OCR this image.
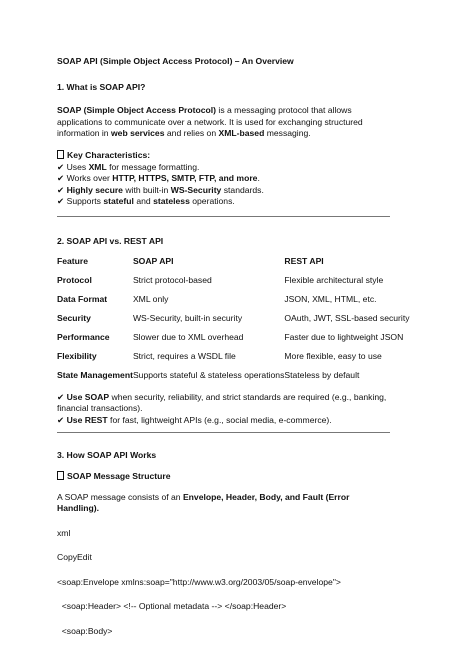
SOAP API (Simple Object Access Protocol) – An Overview
1. What is SOAP API?
SOAP (Simple Object Access Protocol) is a messaging protocol that allows applications to communicate over a network. It is used for exchanging structured information in web services and relies on XML-based messaging.
Key Characteristics:
✔ Uses XML for message formatting.
✔ Works over HTTP, HTTPS, SMTP, FTP, and more.
✔ Highly secure with built-in WS-Security standards.
✔ Supports stateful and stateless operations.
2. SOAP API vs. REST API
Feature	SOAP API	REST API
Protocol	Strict protocol-based	Flexible architectural style
Data Format	XML only	JSON, XML, HTML, etc.
Security	WS-Security, built-in security	OAuth, JWT, SSL-based security
Performance	Slower due to XML overhead	Faster due to lightweight JSON
Flexibility	Strict, requires a WSDL file	More flexible, easy to use
State Management	Supports stateful & stateless operations	Stateless by default
✔ Use SOAP when security, reliability, and strict standards are required (e.g., banking, financial transactions).
✔ Use REST for fast, lightweight APIs (e.g., social media, e-commerce).
3. How SOAP API Works
SOAP Message Structure
A SOAP message consists of an Envelope, Header, Body, and Fault (Error Handling).
xml
CopyEdit
<soap:Envelope xmlns:soap="http://www.w3.org/2003/05/soap-envelope">
<soap:Header> <!-- Optional metadata --> </soap:Header>
<soap:Body>
